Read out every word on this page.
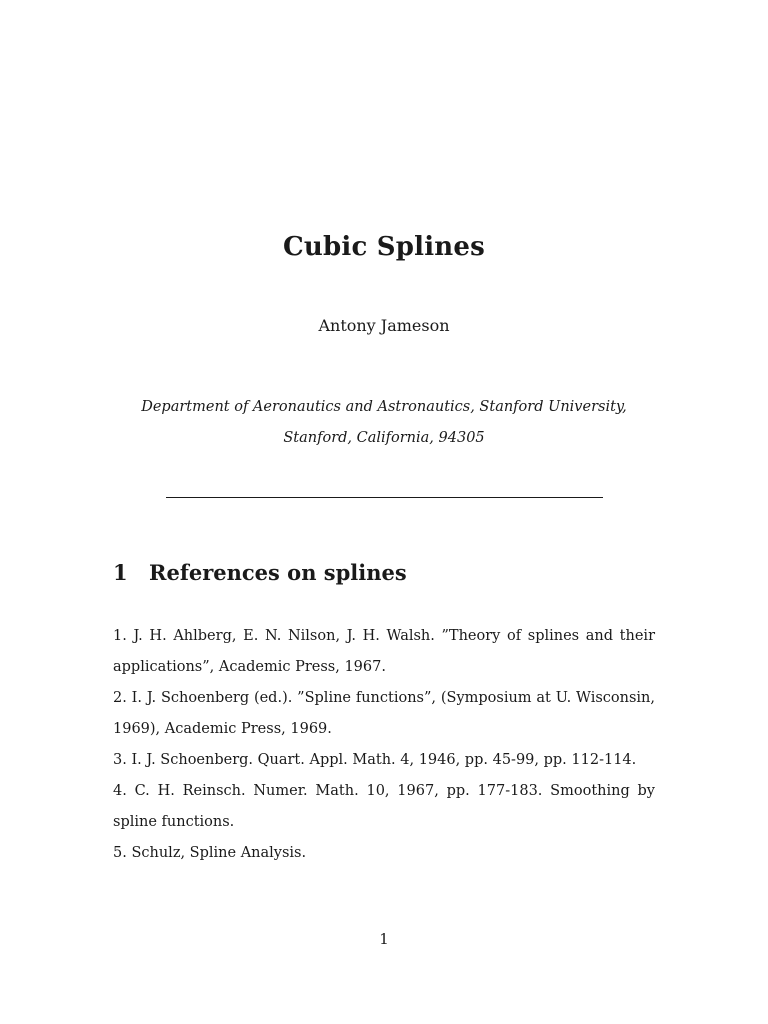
Cubic Splines
Antony Jameson
Department of Aeronautics and Astronautics, Stanford University, Stanford, California, 94305
1 References on splines
1. J. H. Ahlberg, E. N. Nilson, J. H. Walsh. ”Theory of splines and their applications”, Academic Press, 1967.
2. I. J. Schoenberg (ed.). ”Spline functions”, (Symposium at U. Wisconsin, 1969), Academic Press, 1969.
3. I. J. Schoenberg. Quart. Appl. Math. 4, 1946, pp. 45-99, pp. 112-114.
4. C. H. Reinsch. Numer. Math. 10, 1967, pp. 177-183. Smoothing by spline functions.
5. Schulz, Spline Analysis.
1
